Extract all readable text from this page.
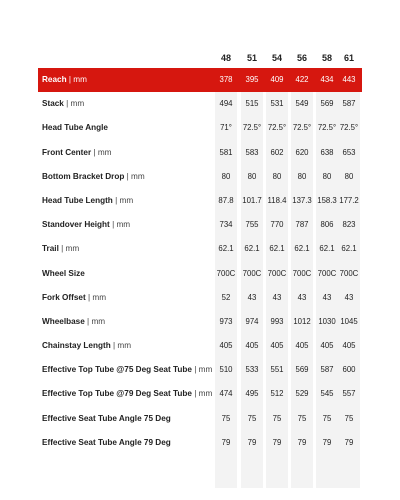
48	51	54	56	58	61
Reach | mm	378	395	409	422	434	443
Stack | mm	494	515	531	549	569	587
Head Tube Angle	71°	72.5° 72.5° 72.5° 72.5° 72.5°
Front Center | mm	581	583	602	620	638	653
Bottom Bracket Drop | mm	80	80	80	80	80	80
Head Tube Length | mm	87.8	101.7 118.4 137.3 158.3 177.2
Standover Height | mm	734	755	770	787	806	823
Trail | mm	62.1	62.1	62.1	62.1	62.1 62.1
Wheel Size	700C 700C 700C 700C 700C 700C
Fork Offset | mm	52	43	43	43	43	43
Wheelbase | mm	973	974	993	1012 1030 1045
Chainstay Length | mm	405	405	405	405	405	405
Effective Top Tube @75 Deg Seat Tube | mm 510	533	551	569	587	600
Effective Top Tube @79 Deg Seat Tube | mm 474	495	512	529	545	557
Effective Seat Tube Angle 75 Deg	75	75	75	75	75	75
Effective Seat Tube Angle 79 Deg	79	79	79	79	79	79
